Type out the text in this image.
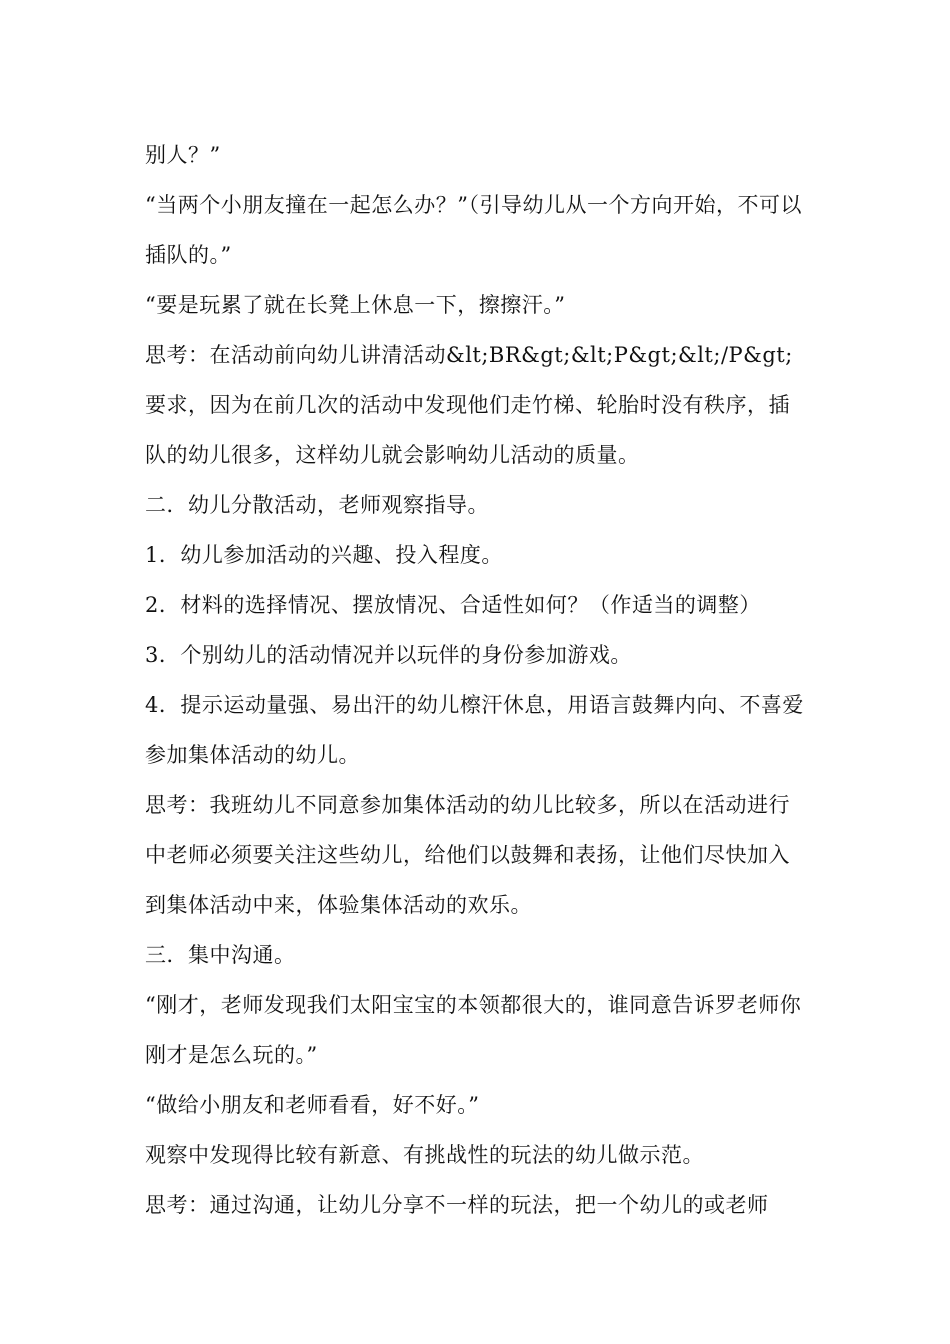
别人？”

“当两个小朋友撞在一起怎么办？”（引导幼儿从一个方向开始，不可以插队的。”

“要是玩累了就在长凳上休息一下，擦擦汗。”

思考：在活动前向幼儿讲清活动&lt;BR&gt;&lt;P&gt;&lt;/P&gt;要求，因为在前几次的活动中发现他们走竹梯、轮胎时没有秩序，插队的幼儿很多，这样幼儿就会影响幼儿活动的质量。

二．幼儿分散活动，老师观察指导。

1．幼儿参加活动的兴趣、投入程度。

2．材料的选择情况、摆放情况、合适性如何？（作适当的调整）

3．个别幼儿的活动情况并以玩伴的身份参加游戏。

4．提示运动量强、易出汗的幼儿檫汗休息，用语言鼓舞内向、不喜爱参加集体活动的幼儿。

思考：我班幼儿不同意参加集体活动的幼儿比较多，所以在活动进行中老师必须要关注这些幼儿，给他们以鼓舞和表扬，让他们尽快加入到集体活动中来，体验集体活动的欢乐。

三．集中沟通。

“刚才，老师发现我们太阳宝宝的本领都很大的，谁同意告诉罗老师你刚才是怎么玩的。”

“做给小朋友和老师看看，好不好。”

观察中发现得比较有新意、有挑战性的玩法的幼儿做示范。

思考：通过沟通，让幼儿分享不一样的玩法，把一个幼儿的或老师
